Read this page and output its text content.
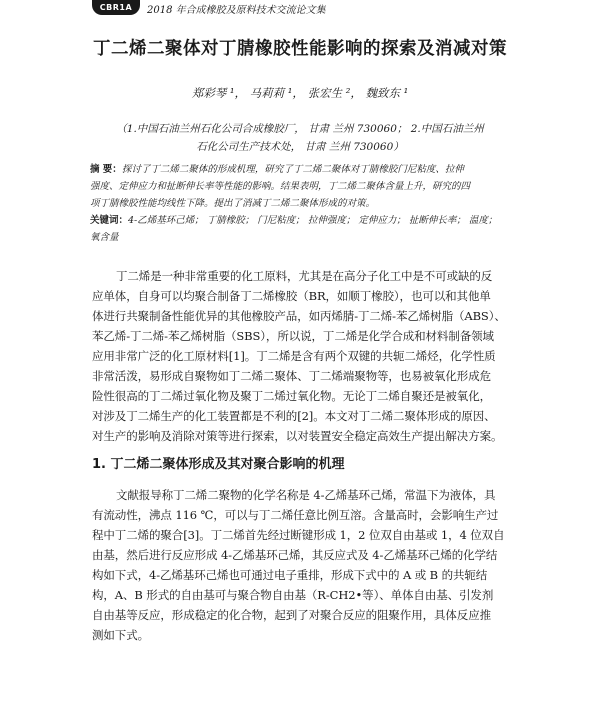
CBR1A	2018 年合成橡胶及原料技术交流论文集
丁二烯二聚体对丁腈橡胶性能影响的探索及消减对策
郑彩琴 ¹， 马莉莉 ¹， 张宏生 ²， 魏致东 ¹
（1.中国石油兰州石化公司合成橡胶厂， 甘肃 兰州 730060； 2.中国石油兰州
石化公司生产技术处， 甘肃 兰州 730060）
摘 要：探讨了丁二烯二聚体的形成机理，研究了丁二烯二聚体对丁腈橡胶门尼粘度、拉伸
强度、定伸应力和扯断伸长率等性能的影响。结果表明，丁二烯二聚体含量上升，研究的四
项丁腈橡胶性能均线性下降。提出了消减丁二烯二聚体形成的对策。
关键词：4-乙烯基环己烯； 丁腈橡胶； 门尼粘度； 拉伸强度； 定伸应力； 扯断伸长率； 温度；
氧含量
丁二烯是一种非常重要的化工原料，尤其是在高分子化工中是不可或缺的反
应单体，自身可以均聚合制备丁二烯橡胶（BR，如顺丁橡胶），也可以和其他单
体进行共聚制备性能优异的其他橡胶产品，如丙烯腈-丁二烯-苯乙烯树脂（ABS）、
苯乙烯-丁二烯-苯乙烯树脂（SBS），所以说，丁二烯是化学合成和材料制备领域
应用非常广泛的化工原材料[1]。丁二烯是含有两个双键的共轭二烯烃，化学性质
非常活泼，易形成自聚物如丁二烯二聚体、丁二烯端聚物等，也易被氧化形成危
险性很高的丁二烯过氧化物及聚丁二烯过氧化物。无论丁二烯自聚还是被氧化，
对涉及丁二烯生产的化工装置都是不利的[2]。本文对丁二烯二聚体形成的原因、
对生产的影响及消除对策等进行探索，以对装置安全稳定高效生产提出解决方案。
1. 丁二烯二聚体形成及其对聚合影响的机理
文献报导称丁二烯二聚物的化学名称是 4-乙烯基环己烯，常温下为液体，具
有流动性，沸点 116 ℃，可以与丁二烯任意比例互溶。含量高时，会影响生产过
程中丁二烯的聚合[3]。丁二烯首先经过断键形成 1，2 位双自由基或 1，4 位双自
由基，然后进行反应形成 4-乙烯基环己烯，其反应式及 4-乙烯基环己烯的化学结
构如下式，4-乙烯基环己烯也可通过电子重排，形成下式中的 A 或 B 的共轭结
构，A、B 形式的自由基可与聚合物自由基（R-CH2•等）、单体自由基、引发剂
自由基等反应，形成稳定的化合物，起到了对聚合反应的阻聚作用，具体反应推
测如下式。
